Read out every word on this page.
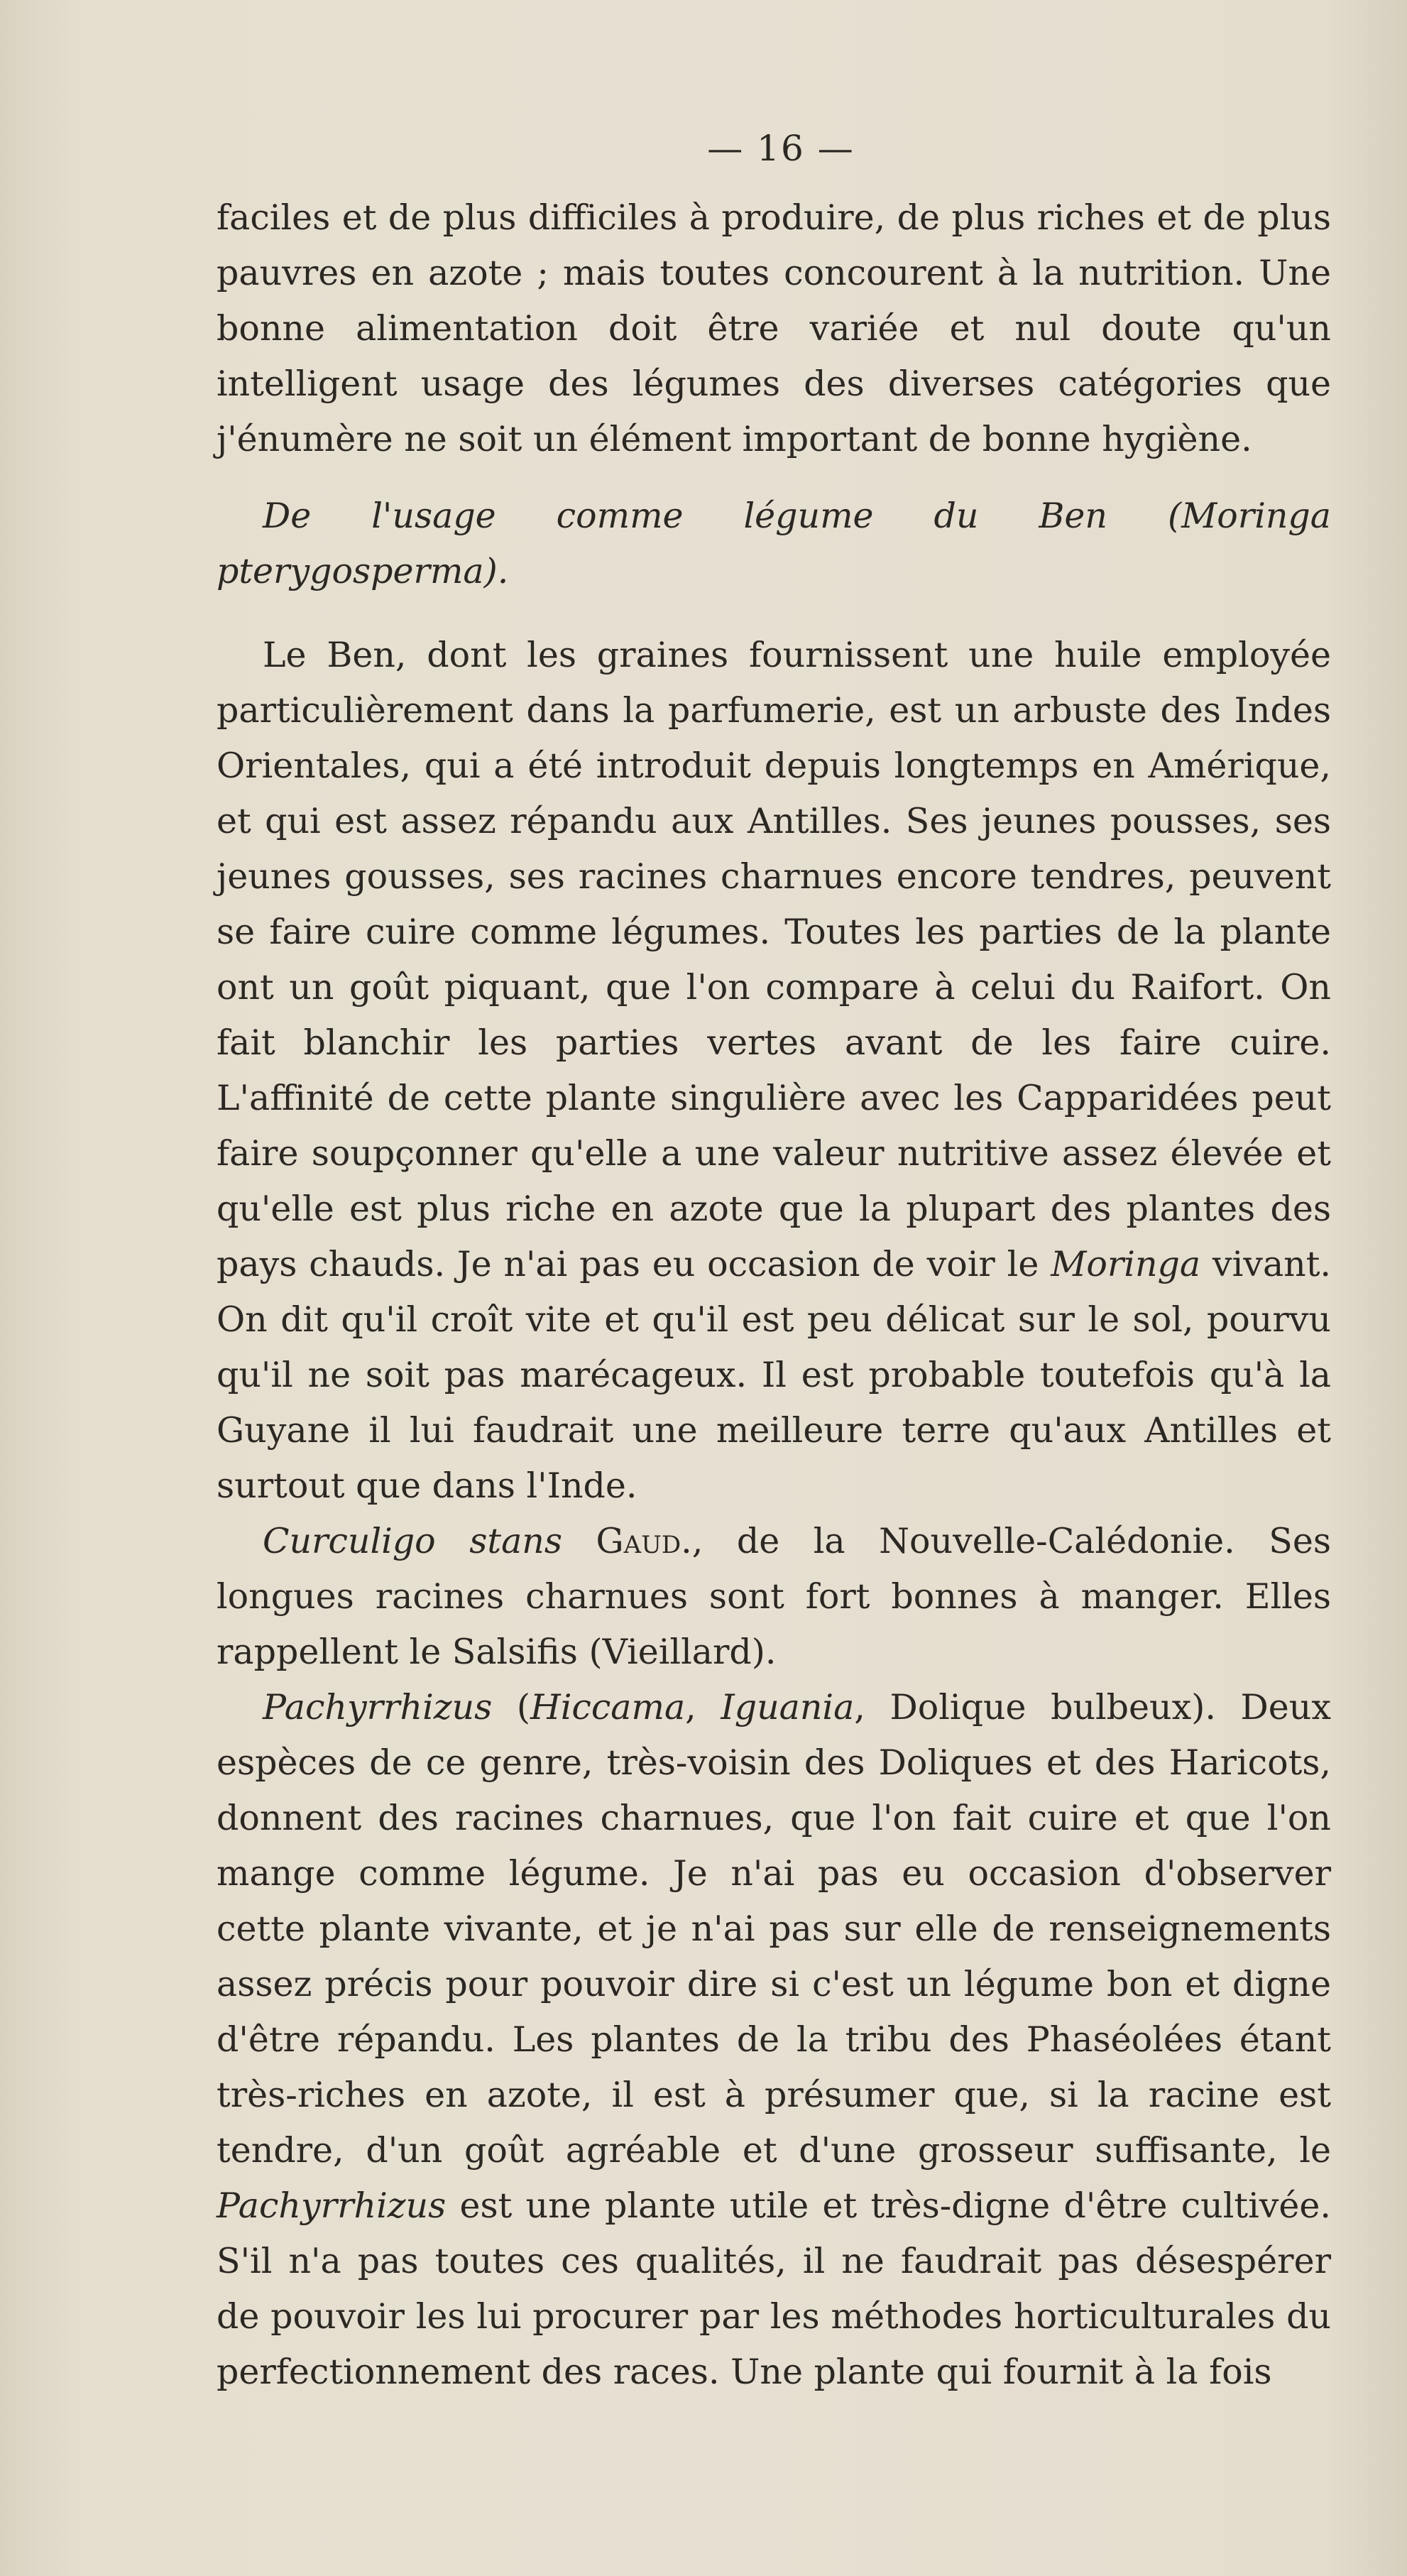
— 16 —

faciles et de plus difficiles à produire, de plus riches et de plus pauvres en azote ; mais toutes concourent à la nutrition. Une bonne alimentation doit être variée et nul doute qu'un intelligent usage des légumes des diverses catégories que j'énumère ne soit un élément important de bonne hygiène.

De l'usage comme légume du Ben (Moringa pterygosperma).

Le Ben, dont les graines fournissent une huile employée particulièrement dans la parfumerie, est un arbuste des Indes Orientales, qui a été introduit depuis longtemps en Amérique, et qui est assez répandu aux Antilles. Ses jeunes pousses, ses jeunes gousses, ses racines charnues encore tendres, peuvent se faire cuire comme légumes. Toutes les parties de la plante ont un goût piquant, que l'on compare à celui du Raifort. On fait blanchir les parties vertes avant de les faire cuire. L'affinité de cette plante singulière avec les Capparidées peut faire soupçonner qu'elle a une valeur nutritive assez élevée et qu'elle est plus riche en azote que la plupart des plantes des pays chauds. Je n'ai pas eu occasion de voir le Moringa vivant. On dit qu'il croît vite et qu'il est peu délicat sur le sol, pourvu qu'il ne soit pas marécageux. Il est probable toutefois qu'à la Guyane il lui faudrait une meilleure terre qu'aux Antilles et surtout que dans l'Inde.

Curculigo stans Gaud., de la Nouvelle-Calédonie. Ses longues racines charnues sont fort bonnes à manger. Elles rappellent le Salsifis (Vieillard).

Pachyrrhizus (Hiccama, Iguania, Dolique bulbeux). Deux espèces de ce genre, très-voisin des Doliques et des Haricots, donnent des racines charnues, que l'on fait cuire et que l'on mange comme légume. Je n'ai pas eu occasion d'observer cette plante vivante, et je n'ai pas sur elle de renseignements assez précis pour pouvoir dire si c'est un légume bon et digne d'être répandu. Les plantes de la tribu des Phaséolées étant très-riches en azote, il est à présumer que, si la racine est tendre, d'un goût agréable et d'une grosseur suffisante, le Pachyrrhizus est une plante utile et très-digne d'être cultivée. S'il n'a pas toutes ces qualités, il ne faudrait pas désespérer de pouvoir les lui procurer par les méthodes horticulturales du perfectionnement des races. Une plante qui fournit à la fois
